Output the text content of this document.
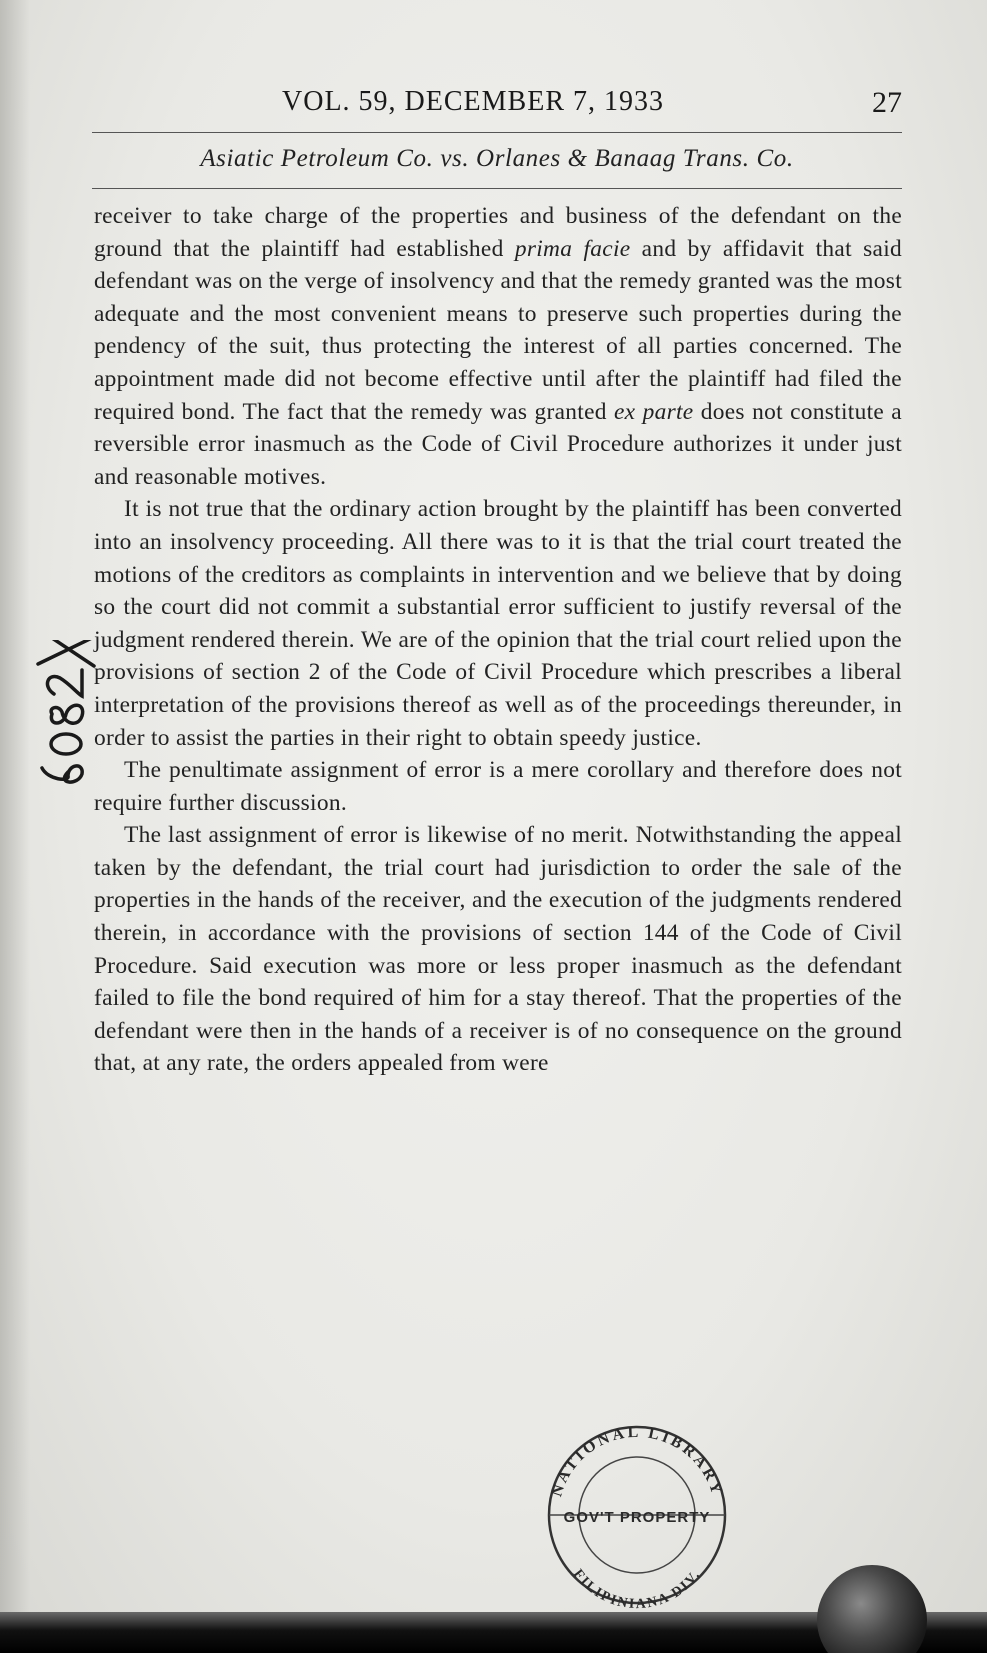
VOL. 59, DECEMBER 7, 1933	27
Asiatic Petroleum Co. vs. Orlanes & Banaag Trans. Co.

receiver to take charge of the properties and business of the defendant on the ground that the plaintiff had established prima facie and by affidavit that said defendant was on the verge of insolvency and that the remedy granted was the most adequate and the most convenient means to preserve such properties during the pendency of the suit, thus protecting the interest of all parties concerned. The appointment made did not become effective until after the plaintiff had filed the required bond. The fact that the remedy was granted ex parte does not constitute a reversible error inasmuch as the Code of Civil Procedure authorizes it under just and reasonable motives.

It is not true that the ordinary action brought by the plaintiff has been converted into an insolvency proceeding. All there was to it is that the trial court treated the motions of the creditors as complaints in intervention and we believe that by doing so the court did not commit a substantial error sufficient to justify reversal of the judgment rendered therein. We are of the opinion that the trial court relied upon the provisions of section 2 of the Code of Civil Procedure which prescribes a liberal interpretation of the provisions thereof as well as of the proceedings thereunder, in order to assist the parties in their right to obtain speedy justice.

The penultimate assignment of error is a mere corollary and therefore does not require further discussion.

The last assignment of error is likewise of no merit. Notwithstanding the appeal taken by the defendant, the trial court had jurisdiction to order the sale of the properties in the hands of the receiver, and the execution of the judgments rendered therein, in accordance with the provisions of section 144 of the Code of Civil Procedure. Said execution was more or less proper inasmuch as the defendant failed to file the bond required of him for a stay thereof. That the properties of the defendant were then in the hands of a receiver is of no consequence on the ground that, at any rate, the orders appealed from were

NATIONAL LIBRARY
GOV'T PROPERTY
FILIPINIANA DIV.
